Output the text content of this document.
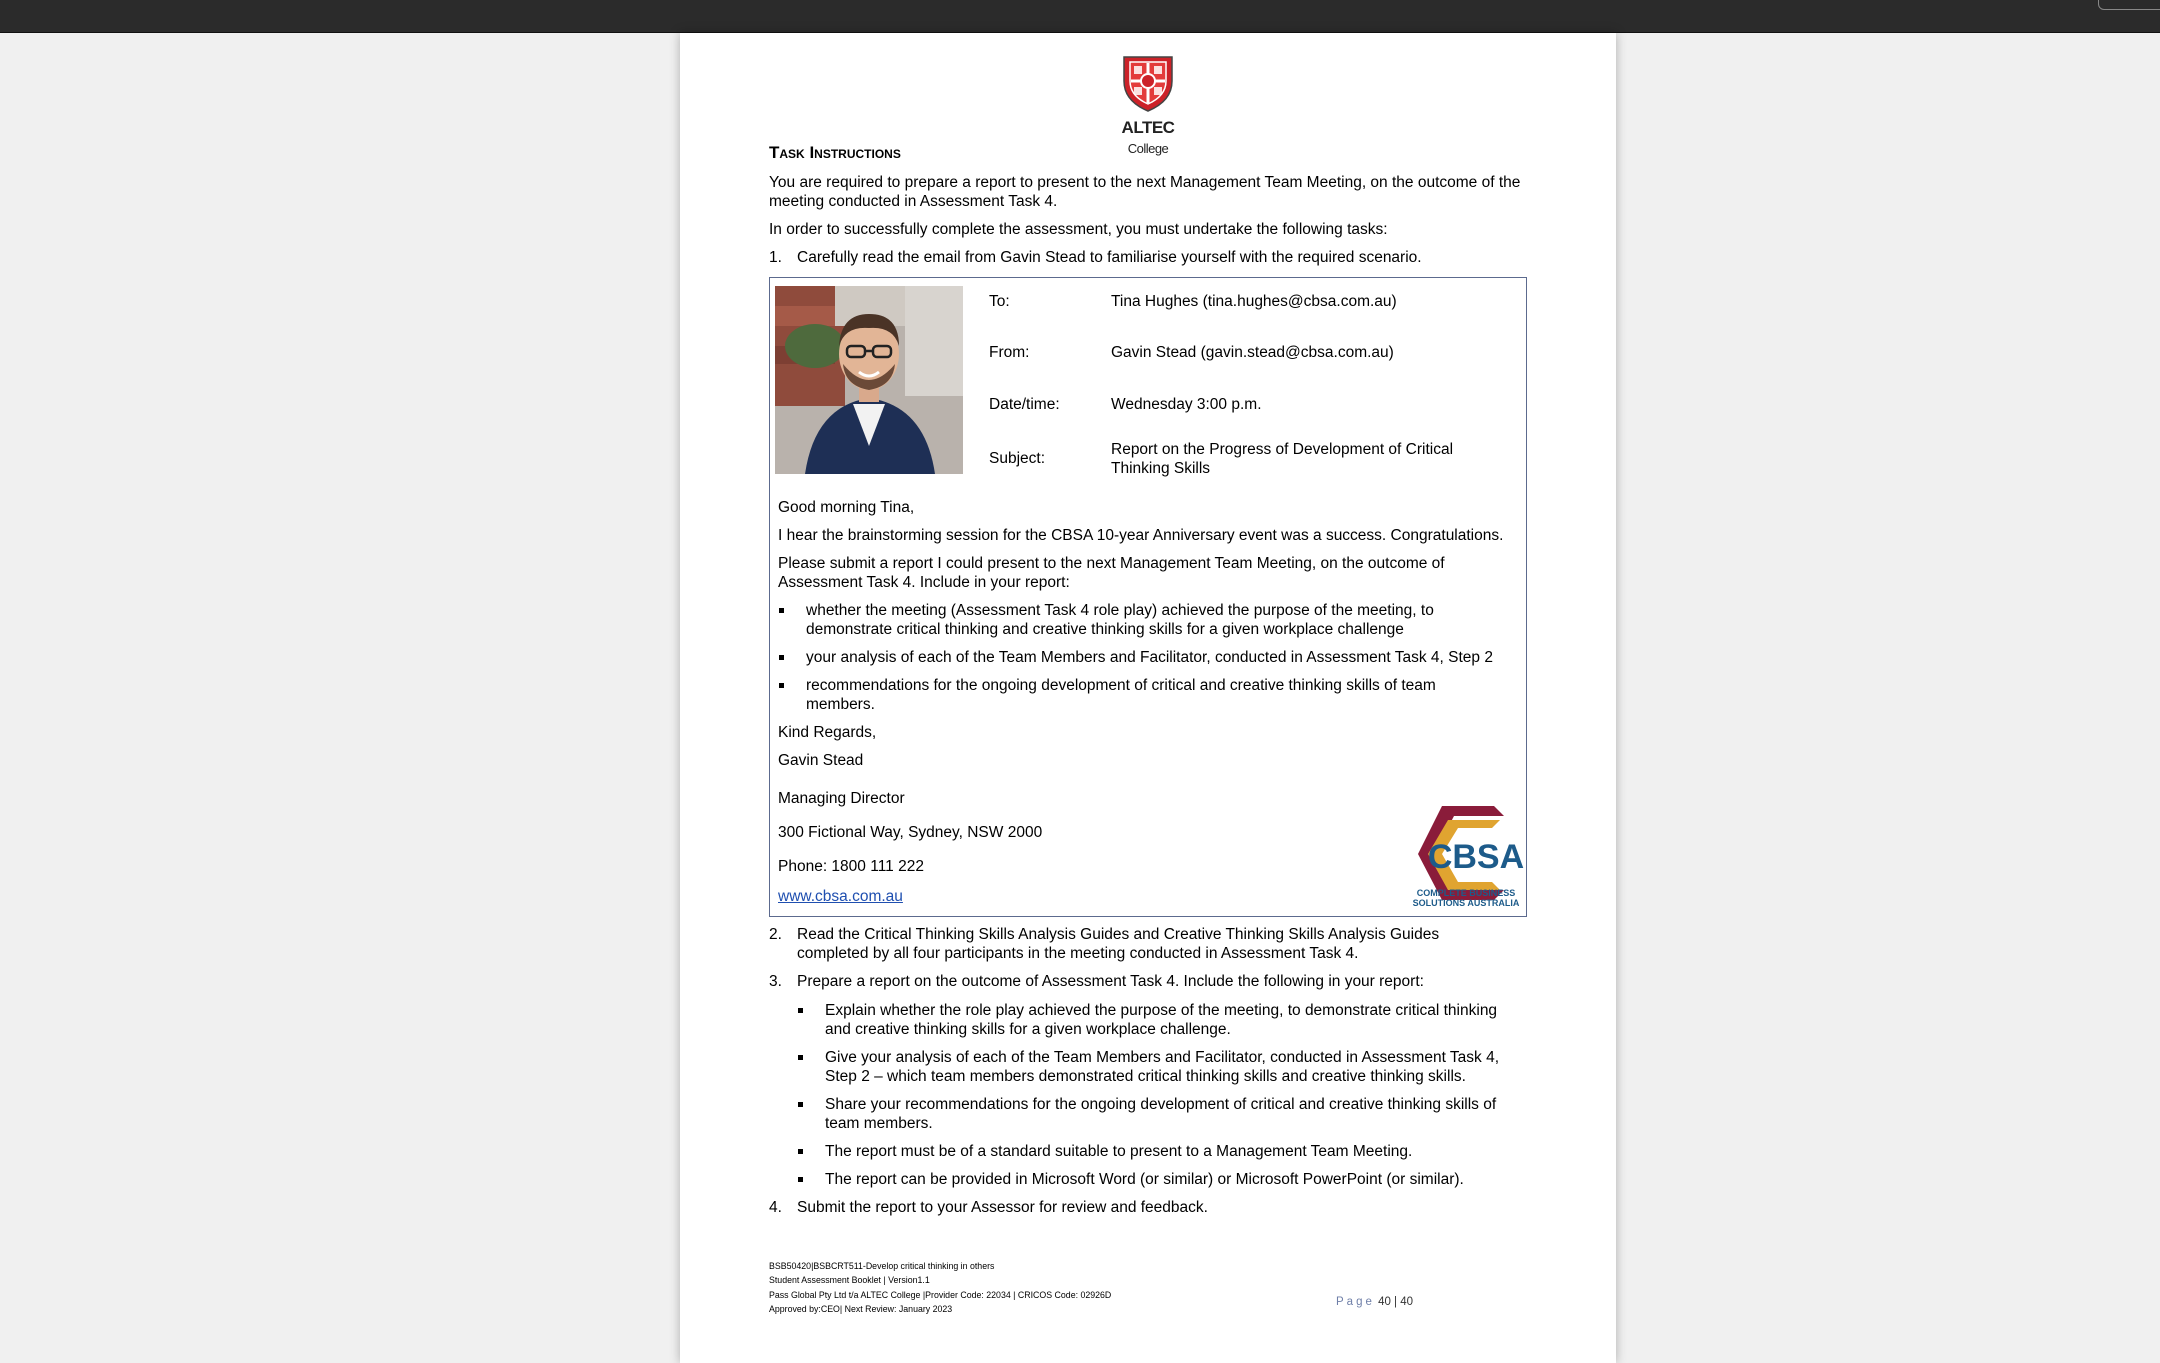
ALTEC College
Task Instructions
You are required to prepare a report to present to the next Management Team Meeting, on the outcome of the meeting conducted in Assessment Task 4.
In order to successfully complete the assessment, you must undertake the following tasks:
1. Carefully read the email from Gavin Stead to familiarise yourself with the required scenario.
To:	Tina Hughes (tina.hughes@cbsa.com.au)
From:	Gavin Stead (gavin.stead@cbsa.com.au)
Date/time:	Wednesday 3:00 p.m.
Subject:
Report on the Progress of Development of Critical Thinking Skills
Good morning Tina,
I hear the brainstorming session for the CBSA 10-year Anniversary event was a success. Congratulations.
Please submit a report I could present to the next Management Team Meeting, on the outcome of Assessment Task 4. Include in your report:
whether the meeting (Assessment Task 4 role play) achieved the purpose of the meeting, to demonstrate critical thinking and creative thinking skills for a given workplace challenge
your analysis of each of the Team Members and Facilitator, conducted in Assessment Task 4, Step 2
recommendations for the ongoing development of critical and creative thinking skills of team members.
Kind Regards,
Gavin Stead
Managing Director
300 Fictional Way, Sydney, NSW 2000
Phone: 1800 111 222
www.cbsa.com.au
CBSA
COMPLETE BUSINESS
SOLUTIONS AUSTRALIA
2. Read the Critical Thinking Skills Analysis Guides and Creative Thinking Skills Analysis Guides completed by all four participants in the meeting conducted in Assessment Task 4.
3. Prepare a report on the outcome of Assessment Task 4. Include the following in your report:
Explain whether the role play achieved the purpose of the meeting, to demonstrate critical thinking and creative thinking skills for a given workplace challenge.
Give your analysis of each of the Team Members and Facilitator, conducted in Assessment Task 4, Step 2 – which team members demonstrated critical thinking skills and creative thinking skills.
Share your recommendations for the ongoing development of critical and creative thinking skills of team members.
The report must be of a standard suitable to present to a Management Team Meeting.
The report can be provided in Microsoft Word (or similar) or Microsoft PowerPoint (or similar).
4. Submit the report to your Assessor for review and feedback.
BSB50420|BSBCRT511-Develop critical thinking in others
Student Assessment Booklet | Version1.1
Pass Global Pty Ltd t/a ALTEC College |Provider Code: 22034 | CRICOS Code: 02926D
Approved by:CEO| Next Review: January 2023
Page 40 | 40
